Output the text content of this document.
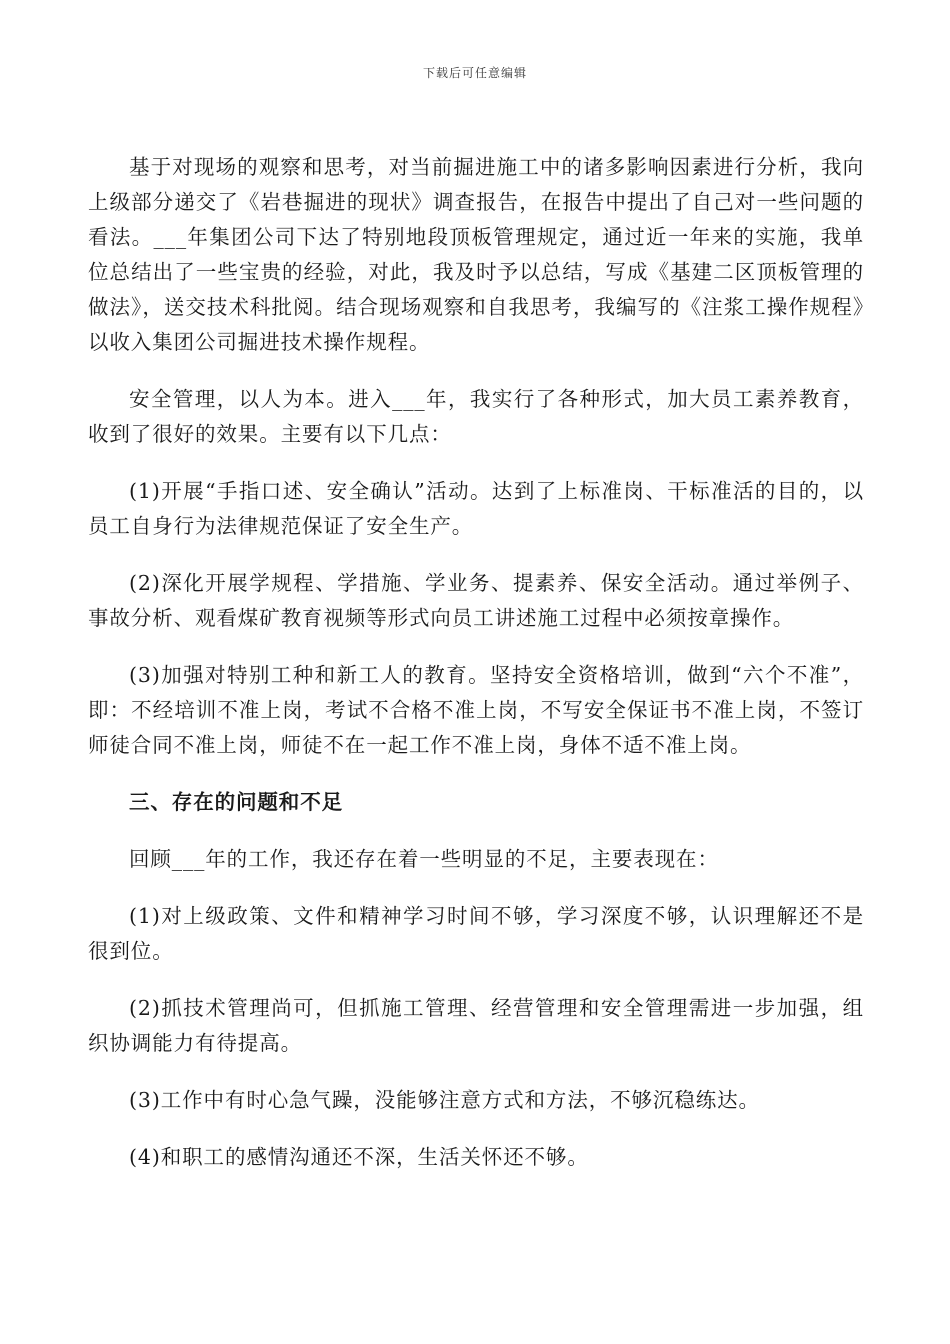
下载后可任意编辑

基于对现场的观察和思考，对当前掘进施工中的诸多影响因素进行分析，我向上级部分递交了《岩巷掘进的现状》调查报告，在报告中提出了自己对一些问题的看法。___年集团公司下达了特别地段顶板管理规定，通过近一年来的实施，我单位总结出了一些宝贵的经验，对此，我及时予以总结，写成《基建二区顶板管理的做法》，送交技术科批阅。结合现场观察和自我思考，我编写的《注浆工操作规程》以收入集团公司掘进技术操作规程。

安全管理，以人为本。进入___年，我实行了各种形式，加大员工素养教育，收到了很好的效果。主要有以下几点：

(1)开展“手指口述、安全确认”活动。达到了上标准岗、干标准活的目的，以员工自身行为法律规范保证了安全生产。

(2)深化开展学规程、学措施、学业务、提素养、保安全活动。通过举例子、事故分析、观看煤矿教育视频等形式向员工讲述施工过程中必须按章操作。

(3)加强对特别工种和新工人的教育。坚持安全资格培训，做到“六个不准”，即：不经培训不准上岗，考试不合格不准上岗，不写安全保证书不准上岗，不签订师徒合同不准上岗，师徒不在一起工作不准上岗，身体不适不准上岗。

三、存在的问题和不足

回顾___年的工作，我还存在着一些明显的不足，主要表现在：

(1)对上级政策、文件和精神学习时间不够，学习深度不够，认识理解还不是很到位。

(2)抓技术管理尚可，但抓施工管理、经营管理和安全管理需进一步加强，组织协调能力有待提高。

(3)工作中有时心急气躁，没能够注意方式和方法，不够沉稳练达。

(4)和职工的感情沟通还不深，生活关怀还不够。
